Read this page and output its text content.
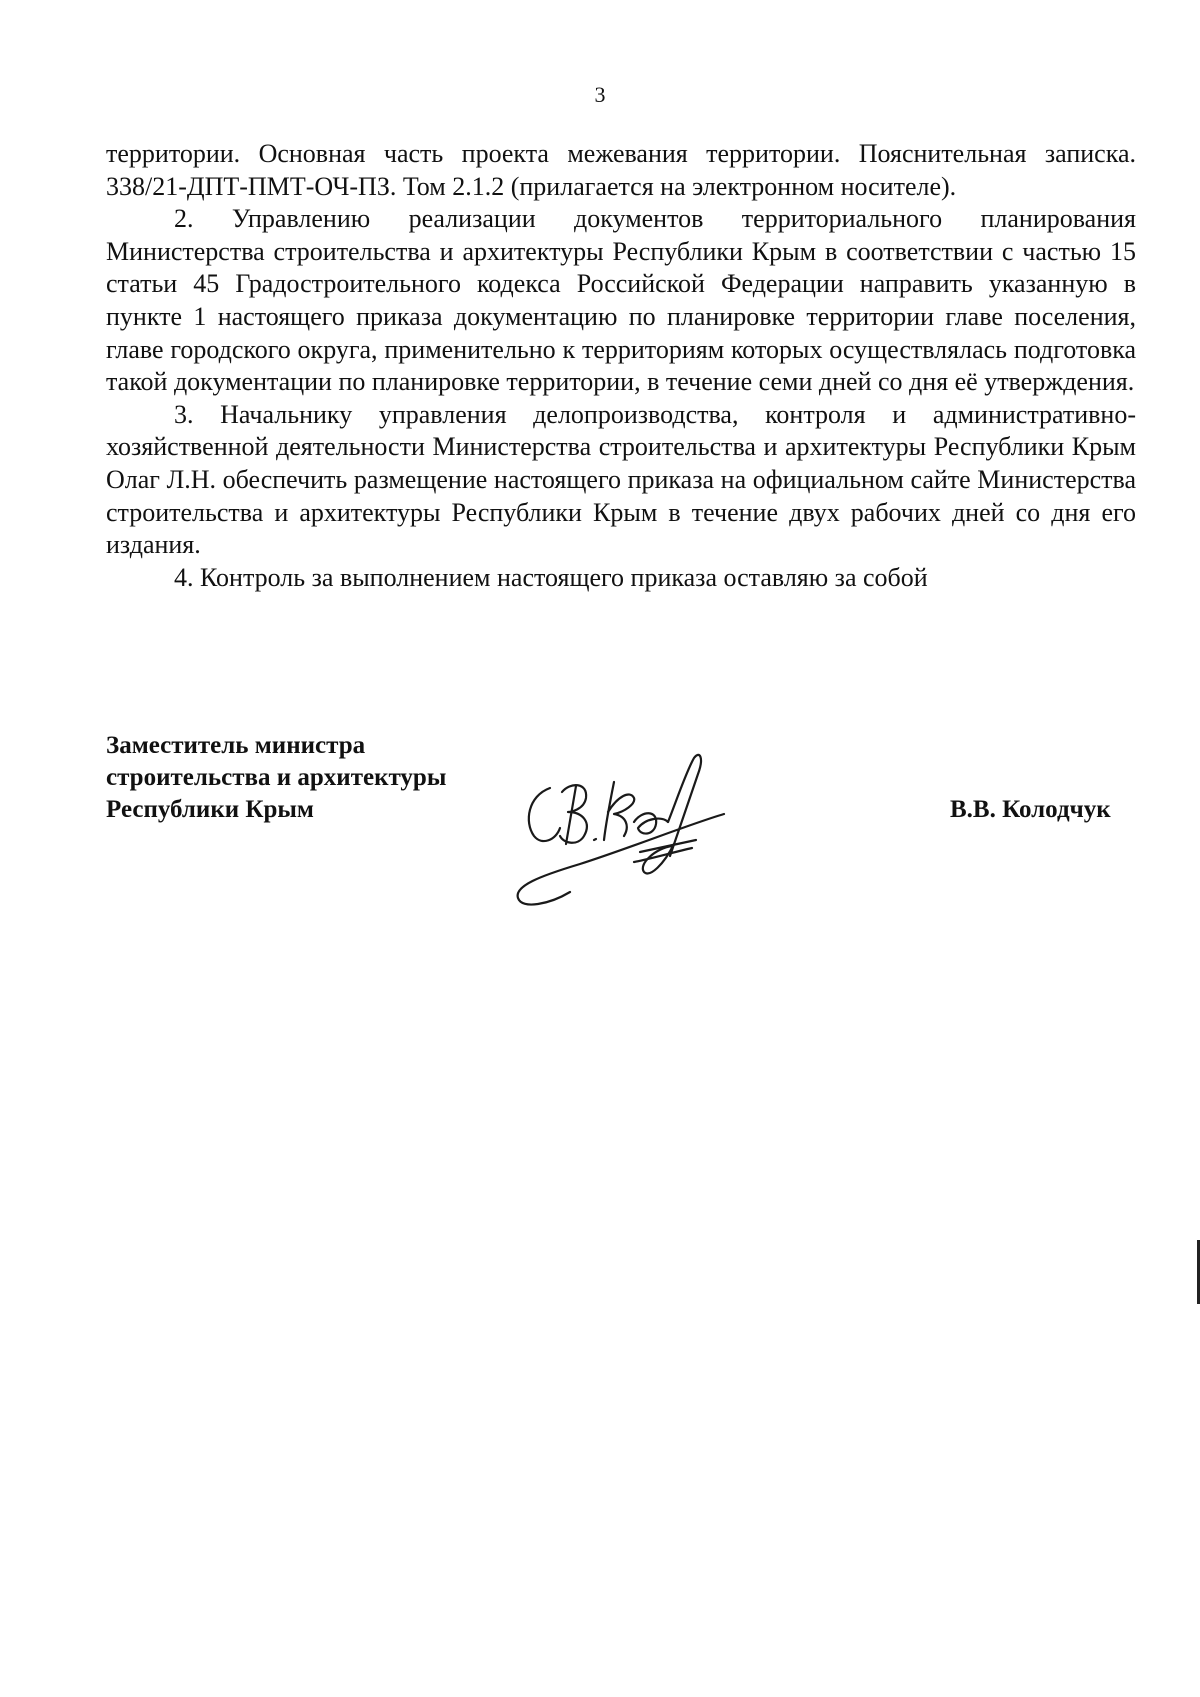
3

территории. Основная часть проекта межевания территории. Пояснительная записка. 338/21-ДПТ-ПМТ-ОЧ-ПЗ. Том 2.1.2 (прилагается на электронном носителе).

2. Управлению реализации документов территориального планирования Министерства строительства и архитектуры Республики Крым в соответствии с частью 15 статьи 45 Градостроительного кодекса Российской Федерации направить указанную в пункте 1 настоящего приказа документацию по планировке территории главе поселения, главе городского округа, применительно к территориям которых осуществлялась подготовка такой документации по планировке территории, в течение семи дней со дня её утверждения.

3. Начальнику управления делопроизводства, контроля и административно-хозяйственной деятельности Министерства строительства и архитектуры Республики Крым Олаг Л.Н. обеспечить размещение настоящего приказа на официальном сайте Министерства строительства и архитектуры Республики Крым в течение двух рабочих дней со дня его издания.

4. Контроль за выполнением настоящего приказа оставляю за собой

Заместитель министра
строительства и архитектуры
Республики Крым	В.В. Колодчук
